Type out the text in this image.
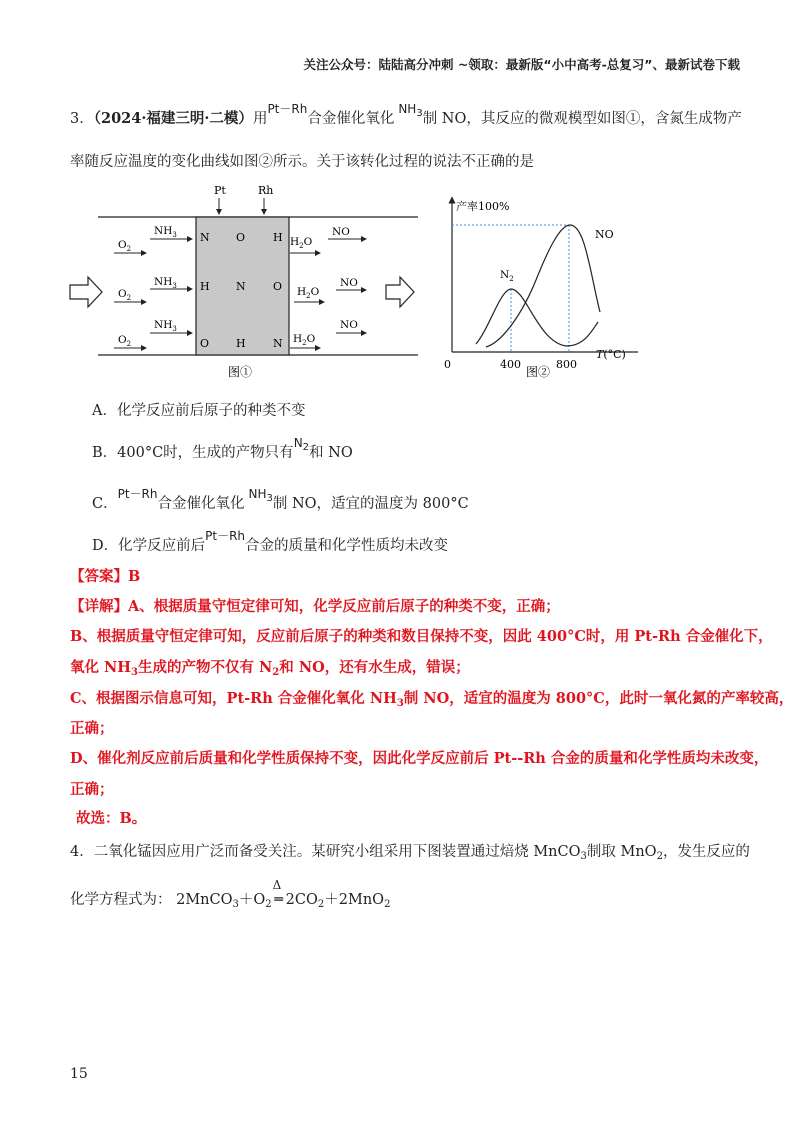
关注公众号：陆陆高分冲刺 ~领取：最新版“小中高考-总复习”、最新试卷下载
3．（2024·福建三明·二模）用$^{Pt-Rh}$合金催化氧化$^{NH_3}$制 NO，其反应的微观模型如图①，含氮生成物产
率随反应温度的变化曲线如图②所示。关于该转化过程的说法不正确的是
Pt	Rh
N O	H
H N O
O H N
$NH_3$
$O_2$
$NH_3$
$O_2$
$NH_3$
$O_2$
NO
$H_2O$
NO
$H_2O$
NO
$H_2O$
图①
产率100%
$N_2$
NO
0	400	800
T(°C)
图②
A．化学反应前后原子的种类不变
B．400°C时，生成的产物只有$^{N_2}$和 NO
C．$^{Pt-Rh}$合金催化氧化$^{NH_3}$制 NO，适宜的温度为 800°C
D．化学反应前后$^{Pt-Rh}$合金的质量和化学性质均未改变
【答案】B
【详解】A、根据质量守恒定律可知，化学反应前后原子的种类不变，正确；
B、根据质量守恒定律可知，反应前后原子的种类和数目保持不变，因此 400°C时，用 Pt-Rh 合金催化下，
氧化 $NH_3$生成的产物不仅有 $N_2$和 NO，还有水生成，错误；
C、根据图示信息可知，Pt-Rh 合金催化氧化 $NH_3$制 NO，适宜的温度为 800°C，此时一氧化氮的产率较高，
正确；
D、催化剂反应前后质量和化学性质保持不变，因此化学反应前后 Pt--Rh 合金的质量和化学性质均未改变，
正确；
故选：B。
4．二氧化锰因应用广泛而备受关注。某研究小组采用下图装置通过焙烧 MnCO$_3$制取 MnO$_2$，发生反应的
化学方程式为： $2MnCO_3+O_2$
Δ
═ $2CO_2+2MnO_2$
15
